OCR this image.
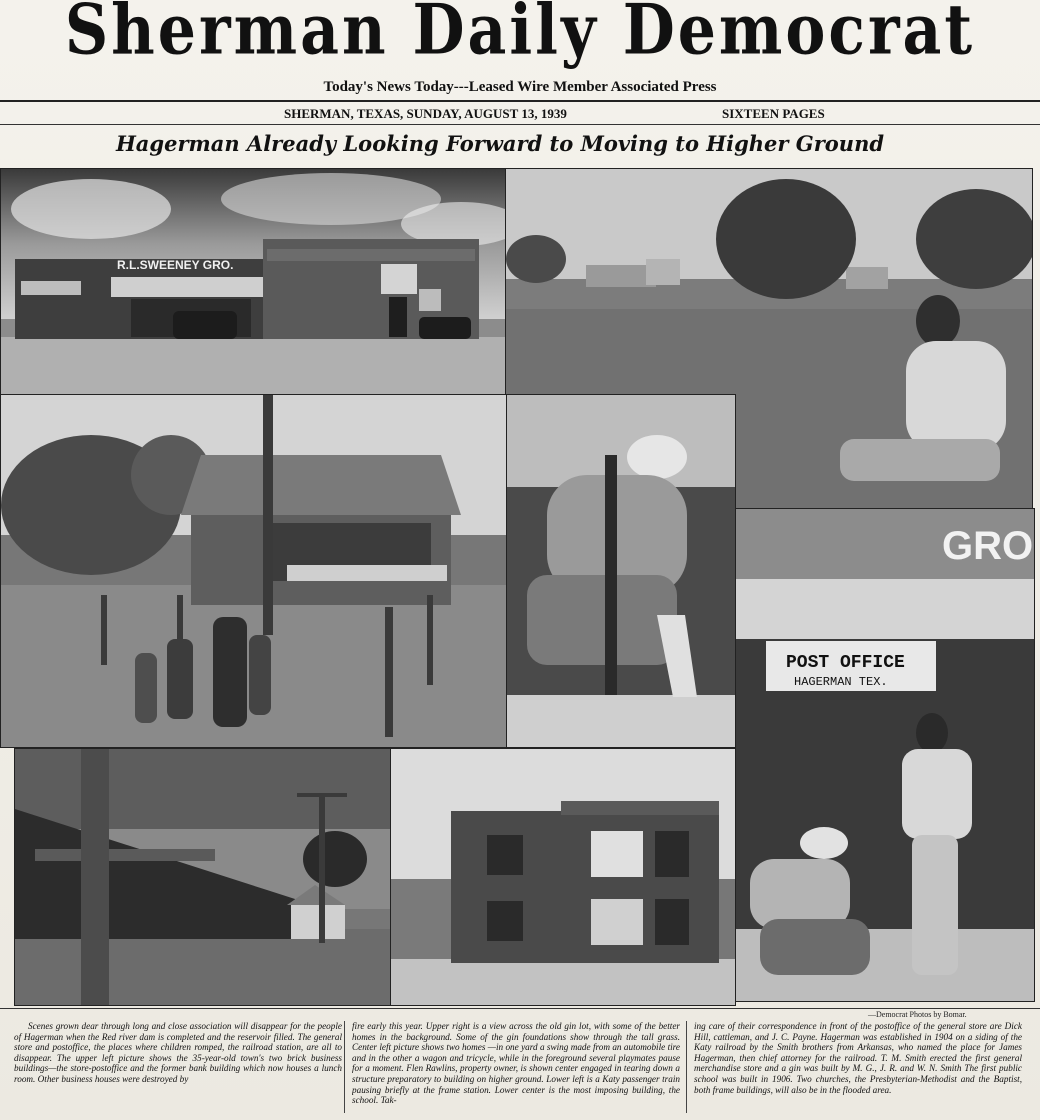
Sherman Daily Democrat
Today's News Today---Leased Wire Member Associated Press
SHERMAN, TEXAS, SUNDAY, AUGUST 13, 1939	SIXTEEN PAGES
Hagerman Already Looking Forward to Moving to Higher Ground
R.L.SWEENEY GRO.
GRO
POST OFFICE
HAGERMAN TEX.
—Democrat Photos by Bomar.
Scenes grown dear through long and close association will disappear for the people of Hagerman when the Red river dam is completed and the reservoir filled. The general store and postoffice, the places where children romped, the railroad station, are all to disappear. The upper left picture shows the 35-year-old town's two brick business buildings—the store-postoffice and the former bank building which now houses a lunch room. Other business houses were destroyed by
fire early this year. Upper right is a view across the old gin lot, with some of the better homes in the background. Some of the gin foundations show through the tall grass. Center left picture shows two homes —in one yard a swing made from an automobile tire and in the other a wagon and tricycle, while in the foreground several playmates pause for a moment. Flen Rawlins, property owner, is shown center engaged in tearing down a structure preparatory to building on higher ground. Lower left is a Katy passenger train pausing briefly at the frame station. Lower center is the most imposing building, the school. Tak-
ing care of their correspondence in front of the postoffice of the general store are Dick Hill, cattleman, and J. C. Payne. Hagerman was established in 1904 on a siding of the Katy railroad by the Smith brothers from Arkansas, who named the place for James Hagerman, then chief attorney for the railroad. T. M. Smith erected the first general merchandise store and a gin was built by M. G., J. R. and W. N. Smith The first public school was built in 1906. Two churches, the Presbyterian-Methodist and the Baptist, both frame buildings, will also be in the flooded area.
